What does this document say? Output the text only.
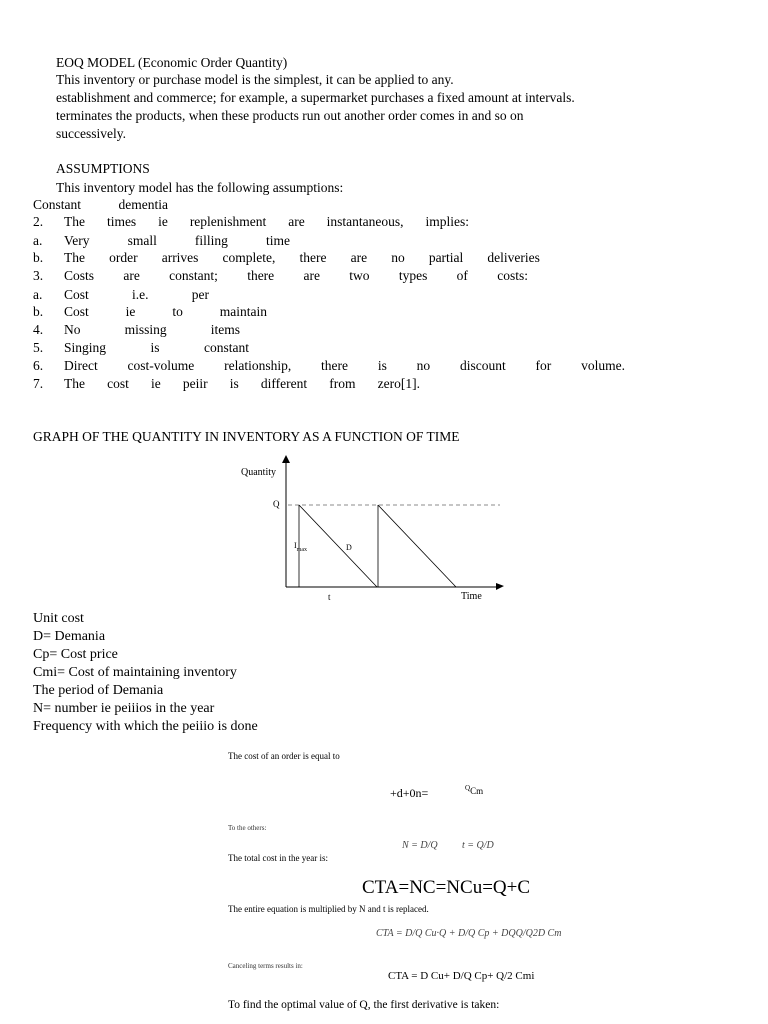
EOQ MODEL (Economic Order Quantity)
This inventory or purchase model is the simplest, it can be applied to any.
establishment and commerce; for example, a supermarket purchases a fixed amount at intervals.
terminates the products, when these products run out another order comes in and so on
successively.
ASSUMPTIONS
This inventory model has the following assumptions:
Constant	dementia
2. The times ie replenishment are instantaneous, implies:
a. Very	small	filling	time
b. The order arrives complete, there are no partial deliveries
3. Costs are constant; there are two types of costs:
a. Cost	i.e.	per
b. Cost	ie	to	maintain
4. No	missing	items
5. Singing	is	constant
6. Direct cost-volume relationship, there is no discount for volume.
7. The cost ie peiir is different from zero[1].
GRAPH OF THE QUANTITY IN INVENTORY AS A FUNCTION OF TIME
Quantity
Q
$I_{max}$	D
t	Time
Unit cost
D= Demania
Cp= Cost price
Cmi= Cost of maintaining inventory
The period of Demania
N= number ie peiiios in the year
Frequency with which the peiiio is done
The cost of an order is equal to
+d+0n=	$^Q$Cm
To the others:
N = D/Q t = Q/D
The total cost in the year is:
CTA=NC=NCu=Q+C
The entire equation is multiplied by N and t is replaced.
CTA = D/Q Cu·Q + D/Q Cp + DQQ/Q2D Cm
Canceling terms results in:
CTA = D Cu+ D/Q Cp+ Q/2 Cmi
To find the optimal value of Q, the first derivative is taken:
